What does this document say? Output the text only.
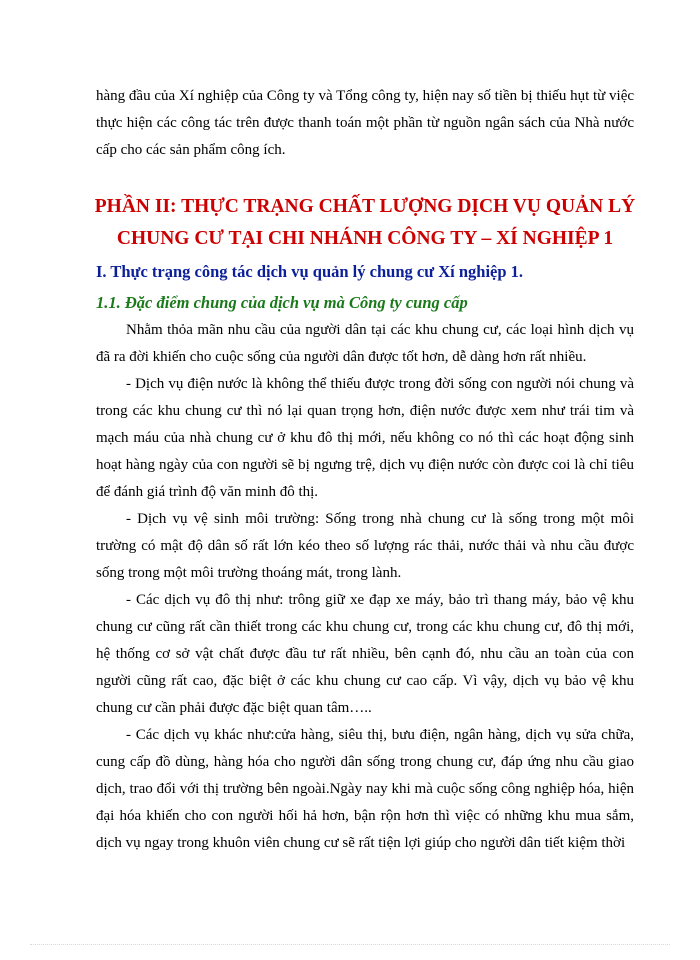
hàng đầu của Xí nghiệp của Công ty và Tổng công ty, hiện nay số tiền bị thiếu hụt từ việc thực hiện các công tác trên được thanh toán một phần từ nguồn ngân sách của Nhà nước cấp cho các sản phẩm công ích.
PHẦN II: THỰC TRẠNG CHẤT LƯỢNG DỊCH VỤ QUẢN LÝ CHUNG CƯ TẠI CHI NHÁNH CÔNG TY – XÍ NGHIỆP 1
I. Thực trạng công tác dịch vụ quản lý chung cư Xí nghiệp 1.
1.1. Đặc điểm chung của dịch vụ mà Công ty cung cấp
Nhằm thỏa mãn nhu cầu của người dân tại các khu chung cư, các loại hình dịch vụ đã ra đời khiến cho cuộc sống của người dân được tốt hơn, dễ dàng hơn rất nhiều.
- Dịch vụ điện nước là không thể thiếu được trong đời sống con người nói chung và trong các khu chung cư thì nó lại quan trọng hơn, điện nước được xem như trái tim và mạch máu của nhà chung cư ở khu đô thị mới, nếu không co nó thì các hoạt động sinh hoạt hàng ngày của con người sẽ bị ngưng trệ, dịch vụ điện nước còn được coi là chỉ tiêu để đánh giá trình độ văn minh đô thị.
- Dịch vụ vệ sinh môi trường: Sống trong nhà chung cư là sống trong một môi trường có mật độ dân số rất lớn kéo theo số lượng rác thải, nước thải và nhu cầu được sống trong một môi trường thoáng mát, trong lành.
- Các dịch vụ đô thị như: trông giữ xe đạp xe máy, bảo trì thang máy, bảo vệ khu chung cư cũng rất cần thiết trong các khu chung cư, trong các khu chung cư, đô thị mới, hệ thống cơ sở vật chất được đầu tư rất nhiều, bên cạnh đó, nhu cầu an toàn của con người cũng rất cao, đặc biệt ở các khu chung cư cao cấp. Vì vậy, dịch vụ bảo vệ khu chung cư cần phải được đặc biệt quan tâm…..
- Các dịch vụ khác như:cửa hàng, siêu thị, bưu điện, ngân hàng, dịch vụ sửa chữa, cung cấp đồ dùng, hàng hóa cho người dân sống trong chung cư, đáp ứng nhu cầu giao dịch, trao đổi với thị trường bên ngoài.Ngày nay khi mà cuộc sống công nghiệp hóa, hiện đại hóa khiến cho con người hối hả hơn, bận rộn hơn thì việc có những khu mua sắm, dịch vụ ngay trong khuôn viên chung cư sẽ rất tiện lợi giúp cho người dân tiết kiệm thời
